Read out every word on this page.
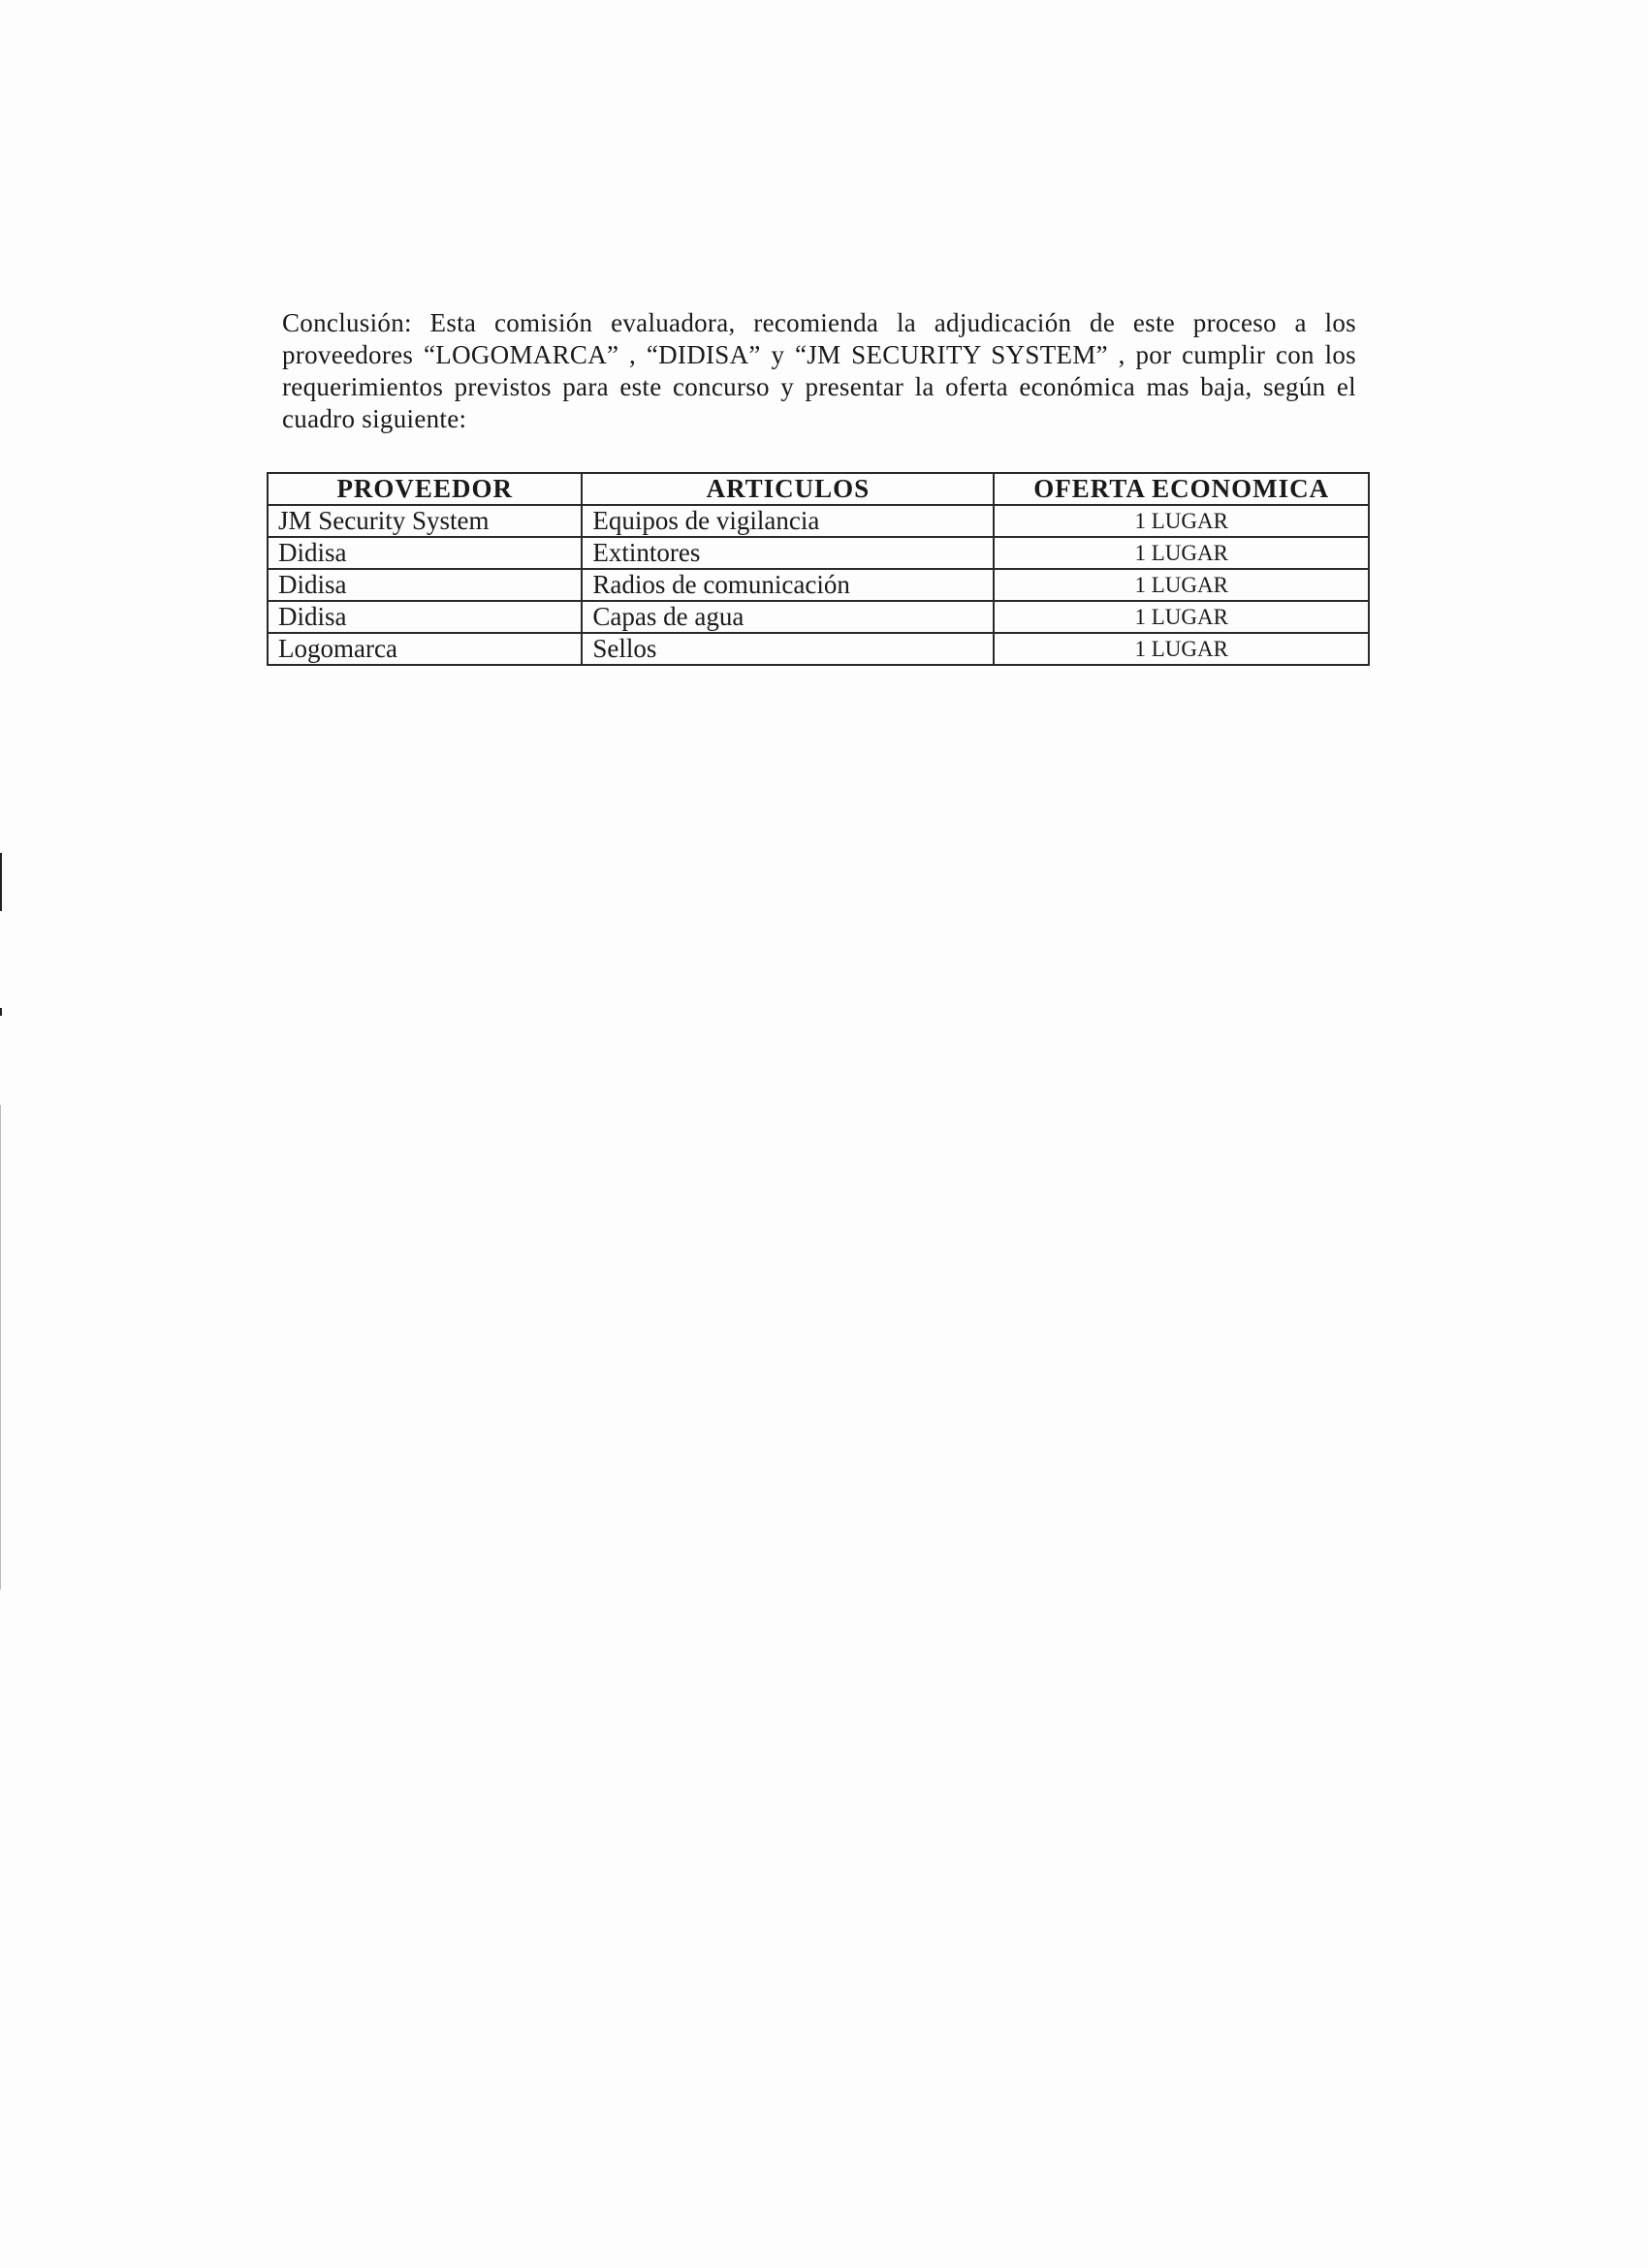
Conclusión: Esta comisión evaluadora, recomienda la adjudicación de este proceso a los proveedores “LOGOMARCA” , “DIDISA” y “JM SECURITY SYSTEM” , por cumplir con los requerimientos previstos para este concurso y presentar la oferta económica mas baja, según el cuadro siguiente:

PROVEEDOR	ARTICULOS	OFERTA ECONOMICA
JM Security System	Equipos de vigilancia	1 LUGAR
Didisa	Extintores	1 LUGAR
Didisa	Radios de comunicación	1 LUGAR
Didisa	Capas de agua	1 LUGAR
Logomarca	Sellos	1 LUGAR
